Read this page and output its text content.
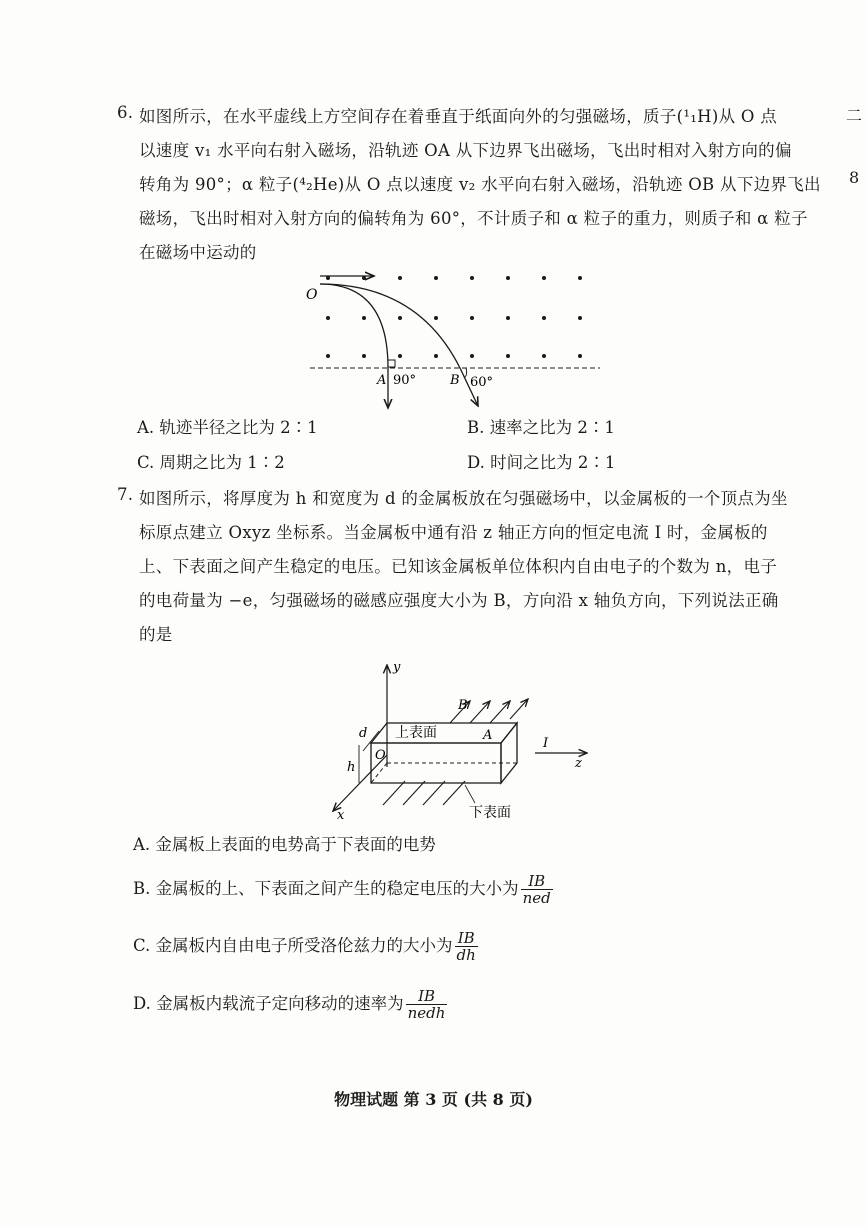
二
8
6. 如图所示，在水平虚线上方空间存在着垂直于纸面向外的匀强磁场，质子(¹₁H)从 O 点
以速度 v₁ 水平向右射入磁场，沿轨迹 OA 从下边界飞出磁场，飞出时相对入射方向的偏
转角为 90°；α 粒子(⁴₂He)从 O 点以速度 v₂ 水平向右射入磁场，沿轨迹 OB 从下边界飞出
磁场，飞出时相对入射方向的偏转角为 60°，不计质子和 α 粒子的重力，则质子和 α 粒子
在磁场中运动的
O
A 90°	B 60°
A. 轨迹半径之比为 2∶1	B. 速率之比为 2∶1
C. 周期之比为 1∶2	D. 时间之比为 2∶1
7. 如图所示，将厚度为 h 和宽度为 d 的金属板放在匀强磁场中，以金属板的一个顶点为坐
标原点建立 Oxyz 坐标系。当金属板中通有沿 z 轴正方向的恒定电流 I 时，金属板的
上、下表面之间产生稳定的电压。已知该金属板单位体积内自由电子的个数为 n，电子
的电荷量为 −e，匀强磁场的磁感应强度大小为 B，方向沿 x 轴负方向，下列说法正确
的是
y
x
z
O
B
A
I
d
h
上表面
下表面
A. 金属板上表面的电势高于下表面的电势
B. 金属板的上、下表面之间产生的稳定电压的大小为 $\frac{IB}{\text{ned}}$
C. 金属板内自由电子所受洛伦兹力的大小为 $\frac{IB}{dh}$
D. 金属板内载流子定向移动的速率为 $\frac{IB}{\text{nedh}}$
物理试题 第 3 页 (共 8 页)
